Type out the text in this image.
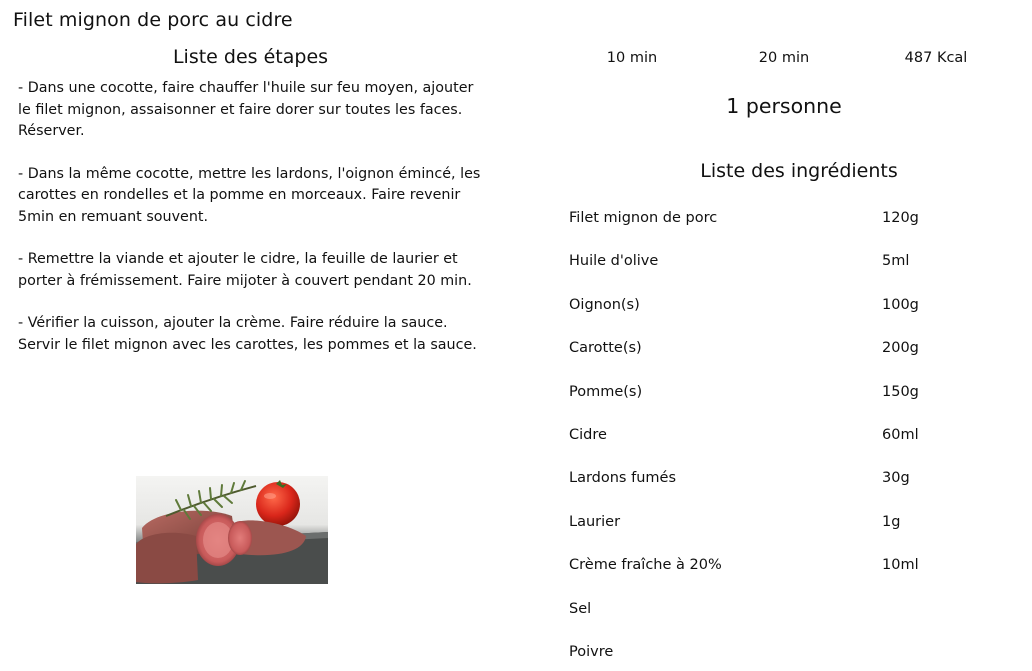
Filet mignon de porc au cidre
Liste des étapes

- Dans une cocotte, faire chauffer l'huile sur feu moyen, ajouter le filet mignon, assaisonner et faire dorer sur toutes les faces. Réserver.

- Dans la même cocotte, mettre les lardons, l'oignon émincé, les carottes en rondelles et la pomme en morceaux. Faire revenir 5min en remuant souvent.

- Remettre la viande et ajouter le cidre, la feuille de laurier et porter à frémissement. Faire mijoter à couvert pendant 20 min.

- Vérifier la cuisson, ajouter la crème. Faire réduire la sauce. Servir le filet mignon avec les carottes, les pommes et la sauce.

10 min	20 min	487 Kcal
1 personne
Liste des ingrédients
Filet mignon de porc	120g
Huile d'olive	5ml
Oignon(s)	100g
Carotte(s)	200g
Pomme(s)	150g
Cidre	60ml
Lardons fumés	30g
Laurier	1g
Crème fraîche à 20%	10ml
Sel
Poivre
